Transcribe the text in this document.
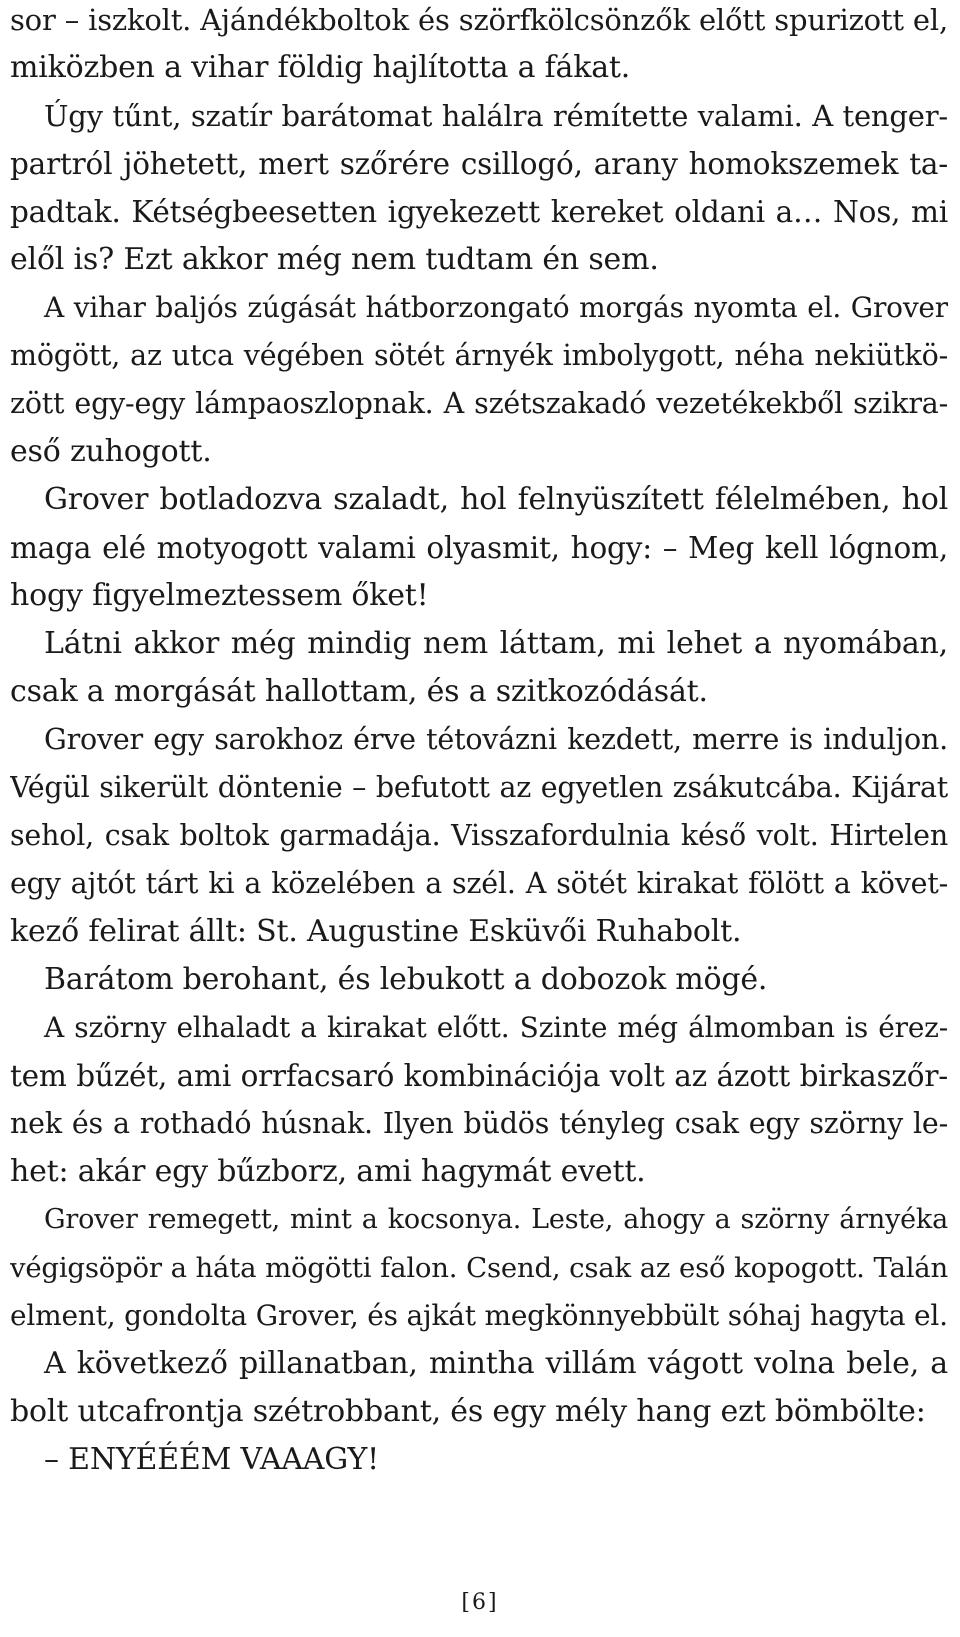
sor – iszkolt. Ajándékboltok és szörfkölcsönzők előtt spurizott el,
miközben a vihar földig hajlította a fákat.
Úgy tűnt, szatír barátomat halálra rémítette valami. A tenger-
partról jöhetett, mert szőrére csillogó, arany homokszemek ta-
padtak. Kétségbeesetten igyekezett kereket oldani a… Nos, mi
elől is? Ezt akkor még nem tudtam én sem.
A vihar baljós zúgását hátborzongató morgás nyomta el. Grover
mögött, az utca végében sötét árnyék imbolygott, néha nekiütkö-
zött egy-egy lámpaoszlopnak. A szétszakadó vezetékekből szikra-
eső zuhogott.
Grover botladozva szaladt, hol felnyüszített félelmében, hol
maga elé motyogott valami olyasmit, hogy: – Meg kell lógnom,
hogy figyelmeztessem őket!
Látni akkor még mindig nem láttam, mi lehet a nyomában,
csak a morgását hallottam, és a szitkozódását.
Grover egy sarokhoz érve tétovázni kezdett, merre is induljon.
Végül sikerült döntenie – befutott az egyetlen zsákutcába. Kijárat
sehol, csak boltok garmadája. Visszafordulnia késő volt. Hirtelen
egy ajtót tárt ki a közelében a szél. A sötét kirakat fölött a követ-
kező felirat állt: St. Augustine Esküvői Ruhabolt.
Barátom berohant, és lebukott a dobozok mögé.
A szörny elhaladt a kirakat előtt. Szinte még álmomban is érez-
tem bűzét, ami orrfacsaró kombinációja volt az ázott birkaszőr-
nek és a rothadó húsnak. Ilyen büdös tényleg csak egy szörny le-
het: akár egy bűzborz, ami hagymát evett.
Grover remegett, mint a kocsonya. Leste, ahogy a szörny árnyéka
végigsöpör a háta mögötti falon. Csend, csak az eső kopogott. Talán
elment, gondolta Grover, és ajkát megkönnyebbült sóhaj hagyta el.
A következő pillanatban, mintha villám vágott volna bele, a
bolt utcafrontja szétrobbant, és egy mély hang ezt bömbölte:
– ENYÉÉÉM VAAAGY!
[6]
